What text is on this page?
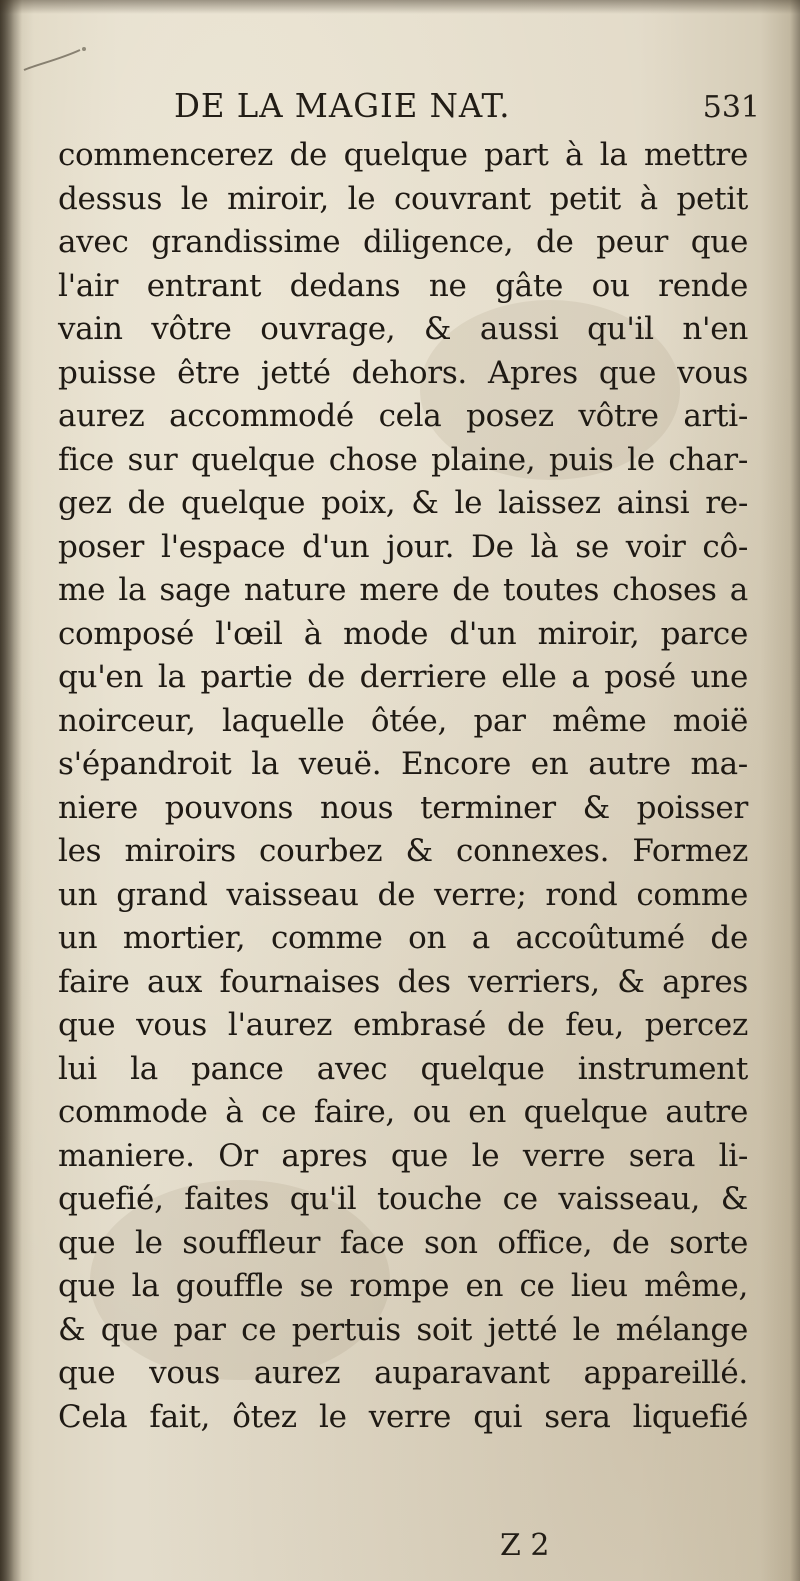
DE LA MAGIE NAT.	531
commencerez de quelque part à la mettre
dessus le miroir, le couvrant petit à petit
avec grandissime diligence, de peur que
l'air entrant dedans ne gâte ou rende
vain vôtre ouvrage, & aussi qu'il n'en
puisse être jetté dehors. Apres que vous
aurez accommodé cela posez vôtre arti-
fice sur quelque chose plaine, puis le char-
gez de quelque poix, & le laissez ainsi re-
poser l'espace d'un jour. De là se voir cô-
me la sage nature mere de toutes choses a
composé l'œil à mode d'un miroir, parce
qu'en la partie de derriere elle a posé une
noirceur, laquelle ôtée, par même moië
s'épandroit la veuë. Encore en autre ma-
niere pouvons nous terminer & poisser
les miroirs courbez & connexes. Formez
un grand vaisseau de verre; rond comme
un mortier, comme on a accoûtumé de
faire aux fournaises des verriers, & apres
que vous l'aurez embrasé de feu, percez
lui la pance avec quelque instrument
commode à ce faire, ou en quelque autre
maniere. Or apres que le verre sera li-
quefié, faites qu'il touche ce vaisseau, &
que le souffleur face son office, de sorte
que la gouffle se rompe en ce lieu même,
& que par ce pertuis soit jetté le mélange
que vous aurez auparavant appareillé.
Cela fait, ôtez le verre qui sera liquefié
Z 2
